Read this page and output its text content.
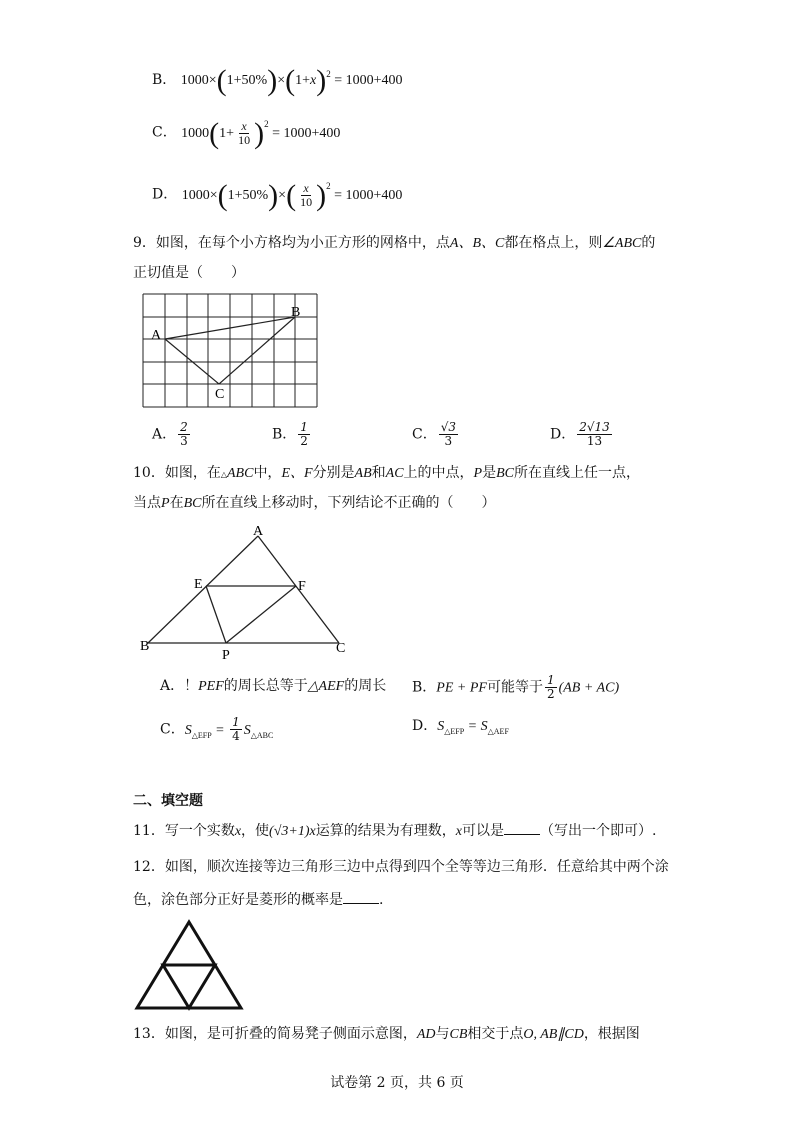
B． $1000\times(1+50\%)\times(1+x)^2 = 1000+400$
C． $1000(1+ \frac{x}{10} )^2 = 1000+400$
D． $1000\times(1+50\%)\times( \frac{x}{10} )^2 = 1000+400$
9．如图，在每个小方格均为小正方形的网格中，点A、B、C都在格点上，则∠ABC的
正切值是（　　）
A
B
C
A． $\frac{2}{3}$	B． $\frac{1}{2}$	C． $\frac{√3}{3}$	D． $\frac{2√13}{13}$
10．如图，在△ABC中，E、F分别是AB和AC上的中点，P是BC所在直线上任一点，
当点P在BC所在直线上移动时，下列结论不正确的（　　）
A
E	F
B
P	C
A．！PEF的周长总等于△AEF的周长 B．PE + PF可能等于 $\frac{1}{2} (AB + AC)$
C．$S_{\triangle EFP} = \frac{1}{4} S_{\triangle ABC}$
D．$S_{\triangle EFP} = S_{\triangle AEF}$
二、填空题
11．写一个实数x，使(√3+1)x运算的结果为有理数，x可以是	（写出一个即可）.
12．如图，顺次连接等边三角形三边中点得到四个全等等边三角形．任意给其中两个涂
色，涂色部分正好是菱形的概率是	.
13．如图，是可折叠的简易凳子侧面示意图，AD与CB相交于点O, AB∥CD，根据图
试卷第 2 页，共 6 页
